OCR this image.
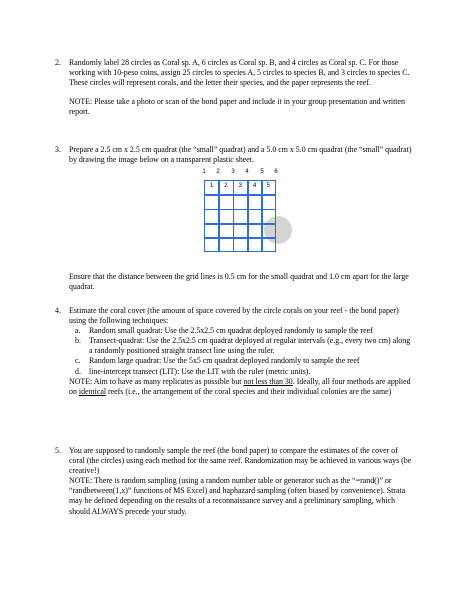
2. Randomly label 28 circles as Coral sp. A, 6 circles as Coral sp. B, and 4 circles as Coral sp. C. For those working with 10-peso coins, assign 25 circles to species A, 5 circles to species B, and 3 circles to species C. These circles will represent corals, and the letter their species, and the paper represents the reef.

NOTE: Please take a photo or scan of the bond paper and include it in your group presentation and written report.

3. Prepare a 2.5 cm x 2.5 cm quadrat (the “small” quadrat) and a 5.0 cm x 5.0 cm quadrat (the “small” quadrat) by drawing the image below on a transparent plastic sheet.

1 2 3 4 5 6
1 2 3 4 5

Ensure that the distance between the grid lines is 0.5 cm for the small quadrat and 1.0 cm apart for the large quadrat.

4. Estimate the coral cover (the amount of space covered by the circle corals on your reef - the bond paper) using the following techniques:

a. Random small quadrat: Use the 2.5x2.5 cm quadrat deployed randomly to sample the reef

b. Transect-quadrat: Use the 2.5x2.5 cm quadrat deployed at regular intervals (e.g., every two cm) along a randomly positioned straight transect line using the ruler.

c. Random large quadrat: Use the 5x5 cm quadrat deployed randomly to sample the reef

d. line-intercept transect (LIT): Use the LIT with the ruler (metric units).

NOTE: Aim to have as many replicates as possible but not less than 30. Ideally, all four methods are applied on identical reefs (i.e., the arrangement of the coral species and their individual colonies are the same)

5. You are supposed to randomly sample the reef (the bond paper) to compare the estimates of the cover of coral (the circles) using each method for the same reef. Randomization may be achieved in various ways (be creative!)

NOTE: There is random sampling (using a random number table or generator such as the “=rand()” or “randbetween(1,x)” functions of MS Excel) and haphazard sampling (often biased by convenience). Strata may be defined depending on the results of a reconnaissance survey and a preliminary sampling, which should ALWAYS precede your study.
